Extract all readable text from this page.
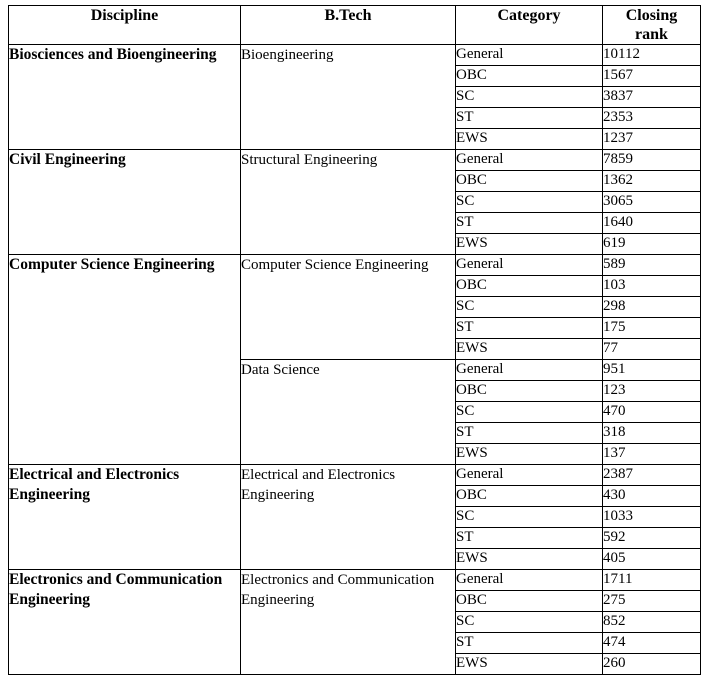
Discipline	B.Tech	Category	Closing
rank

Biosciences and Bioengineering	Bioengineering	General	10112
		OBC	1567
		SC	3837
		ST	2353
		EWS	1237
Civil Engineering	Structural Engineering	General	7859
		OBC	1362
		SC	3065
		ST	1640
		EWS	619
Computer Science Engineering	Computer Science Engineering	General	589
		OBC	103
		SC	298
		ST	175
		EWS	77
	Data Science	General	951
		OBC	123
		SC	470
		ST	318
		EWS	137
Electrical and Electronics Engineering	Electrical and Electronics Engineering	General	2387
		OBC	430
		SC	1033
		ST	592
		EWS	405
Electronics and Communication Engineering	Electronics and Communication Engineering	General	1711
		OBC	275
		SC	852
		ST	474
		EWS	260
